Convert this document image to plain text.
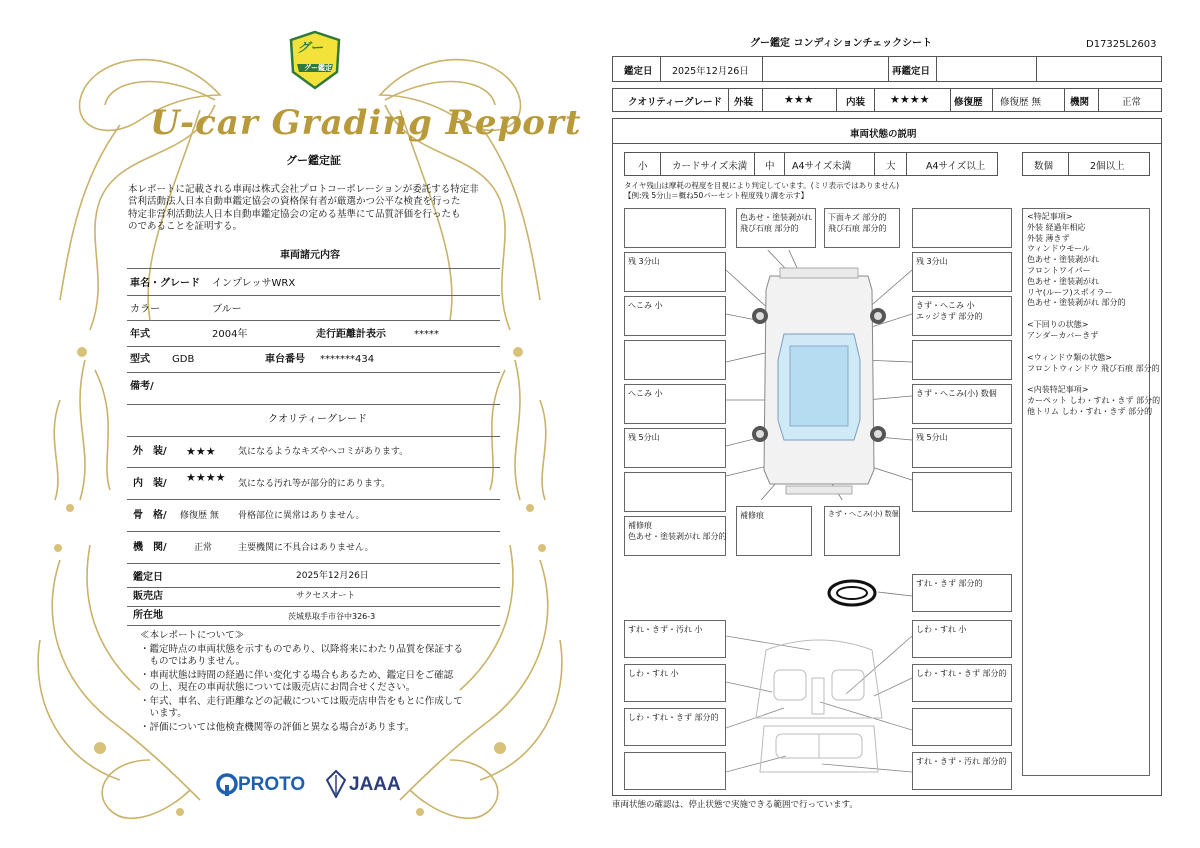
グー
グー鑑定
U-car Grading Report
グー鑑定証
本レポートに記載される車両は株式会社プロトコーポレーションが委託する特定非
営利活動法人日本自動車鑑定協会の資格保有者が厳選かつ公平な検査を行った
特定非営利活動法人日本自動車鑑定協会の定める基準にて品質評価を行ったも
のであることを証明する。
車両諸元内容
車名・グレード インプレッサWRX
カラー	ブルー
年式	2004年	走行距離計表示	*****
型式 GDB	車台番号 *******434
備考/
クオリティーグレード
外　装/ ★★★ 気になるようなキズやヘコミがあります。
内　装/ ★★★★ 気になる汚れ等が部分的にあります。
骨　格/ 修復歴 無 骨格部位に異常はありません。
機　関/	正常	主要機関に不具合はありません。
鑑定日	2025年12月26日
販売店	サクセスオート
所在地	茨城県取手市谷中326-3
≪本レポートについて≫
・鑑定時点の車両状態を示すものであり、以降将来にわたり品質を保証する
　ものではありません。
・車両状態は時間の経過に伴い変化する場合もあるため、鑑定日をご確認
　の上、現在の車両状態については販売店にお問合せください。
・年式、車名、走行距離などの記載については販売店申告をもとに作成して
　います。
・評価については他検査機関等の評価と異なる場合があります。
PROTO JAAA
グー鑑定 コンディションチェックシート	D17325L2603
鑑定日 2025年12月26日	再鑑定日
クオリティーグレード 外装	★★★	内装 ★★★★	修復歴 修復歴 無	機関	正常
車両状態の説明
小	カードサイズ未満 中 A4サイズ未満	大	A4サイズ以上	数個	2個以上
タイヤ残山は摩耗の程度を目視により判定しています。(ミリ表示ではありません)
【例:残 5分山＝概ね50パーセント程度残り溝を示す】
色あせ・塗装剥がれ
飛び石痕 部分的
下面キズ 部分的
飛び石痕 部分的
残 3分山
へこみ 小
へこみ 小
残 5分山
補修痕
色あせ・塗装剥がれ 部分的
残 3分山
きず・へこみ 小
エッジきず 部分的
きず・へこみ(小) 数個
残 5分山
補修痕	きず・へこみ(小) 数個
<特記事項>
外装 経過年相応
外装 薄きず
ウィンドウモール
色あせ・塗装剥がれ
フロントワイパー
色あせ・塗装剥がれ
リヤ(ルーフ)スポイラー
色あせ・塗装剥がれ 部分的
<下回りの状態>
アンダーカバーきず
<ウィンドウ類の状態>
フロントウィンドウ 飛び石痕 部分的
<内装特記事項>
カーペット しわ・すれ・きず 部分的
他トリム しわ・すれ・きず 部分的
すれ・きず 部分的
すれ・きず・汚れ 小
しわ・すれ 小
しわ・すれ・きず 部分的
しわ・すれ 小
しわ・すれ・きず 部分的
すれ・きず・汚れ 部分的
車両状態の確認は、停止状態で実施できる範囲で行っています。
